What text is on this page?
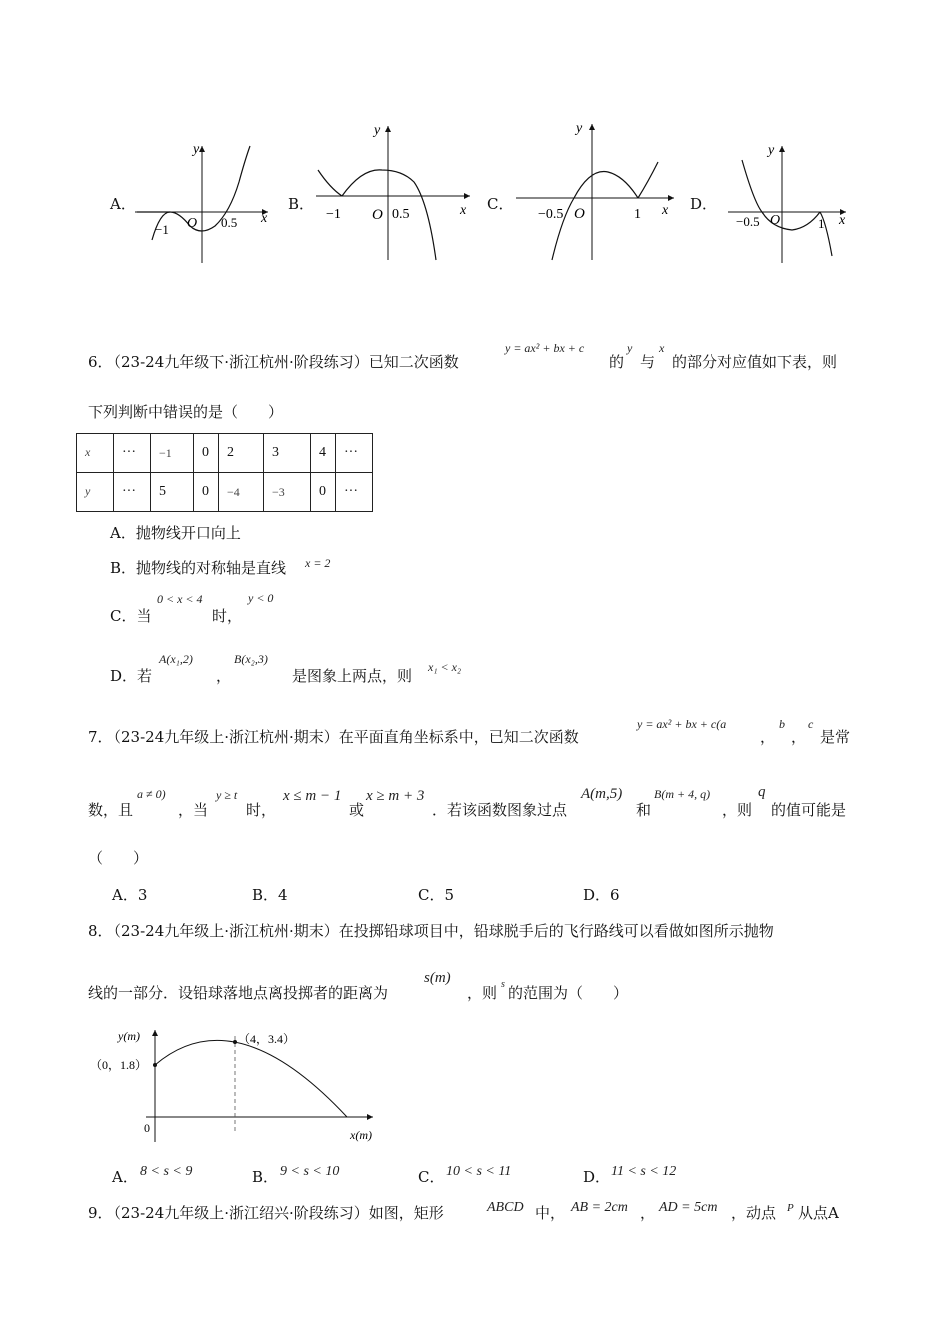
A．
y
x
−1 O 0.5
B．
y
x
−1 O 0.5
C．
y
x
−0.5 O	1
D．
y
x
−0.5 O	1
6．
（23-24九年级下·浙江杭州·阶段练习）已知二次函数
y = ax² + bx + c
的
y
与
x
的部分对应值如下表，则
下列判断中错误的是（　　）
x	···	−1	0	2	3	4	···
y	···	5	0	−4	−3	0	···
A．抛物线开口向上
B．抛物线的对称轴是直线 x = 2
C．当
0 < x < 4
时，
y < 0
D．若
A(x₁,2)
，
B(x₂,3)
是图象上两点，则 x₁ < x₂
7．
（23-24九年级上·浙江杭州·期末）在平面直角坐标系中，已知二次函数
y = ax² + bx + c(a
，
b
，
c
是常
数，且
a ≠ 0)
，当
y ≥ t
时，
x ≤ m − 1
或
x ≥ m + 3
．若该函数图象过点
A(m,5)
和
B(m + 4, q)
，则
q
的值可能是
（　　）
A．3	B．4	C．5	D．6
8．
（23-24九年级上·浙江杭州·期末）在投掷铅球项目中，铅球脱手后的飞行路线可以看做如图所示抛物
线的一部分．设铅球落地点离投掷者的距离为
s(m)
，则 s 的范围为（　　）
y(m)
x(m)
0
（0，1.8）
（4，3.4）
A． 8 < s < 9	B． 9 < s < 10	C． 10 < s < 11	D． 11 < s < 12
9．
（23-24九年级上·浙江绍兴·阶段练习）如图，矩形	ABCD 中， AB = 2cm ， AD = 5cm ，动点 P 从点A
